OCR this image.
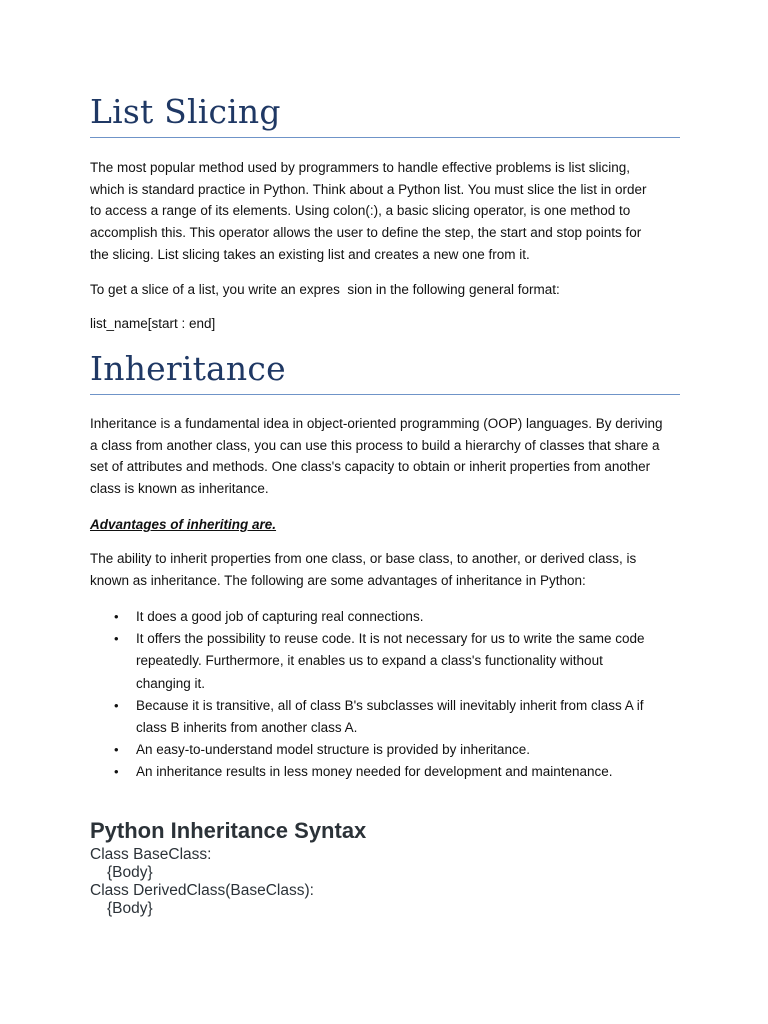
List Slicing

The most popular method used by programmers to handle effective problems is list slicing,
which is standard practice in Python. Think about a Python list. You must slice the list in order
to access a range of its elements. Using colon(:), a basic slicing operator, is one method to
accomplish this. This operator allows the user to define the step, the start and stop points for
the slicing. List slicing takes an existing list and creates a new one from it.

To get a slice of a list, you write an expres  sion in the following general format:

list_name[start : end]

Inheritance

Inheritance is a fundamental idea in object-oriented programming (OOP) languages. By deriving
a class from another class, you can use this process to build a hierarchy of classes that share a
set of attributes and methods. One class's capacity to obtain or inherit properties from another
class is known as inheritance.

Advantages of inheriting are.

The ability to inherit properties from one class, or base class, to another, or derived class, is
known as inheritance. The following are some advantages of inheritance in Python:

• It does a good job of capturing real connections.
• It offers the possibility to reuse code. It is not necessary for us to write the same code
repeatedly. Furthermore, it enables us to expand a class's functionality without
changing it.
• Because it is transitive, all of class B's subclasses will inevitably inherit from class A if
class B inherits from another class A.
• An easy-to-understand model structure is provided by inheritance.
• An inheritance results in less money needed for development and maintenance.
Python Inheritance Syntax
Class BaseClass:
{Body}
Class DerivedClass(BaseClass):
{Body}
